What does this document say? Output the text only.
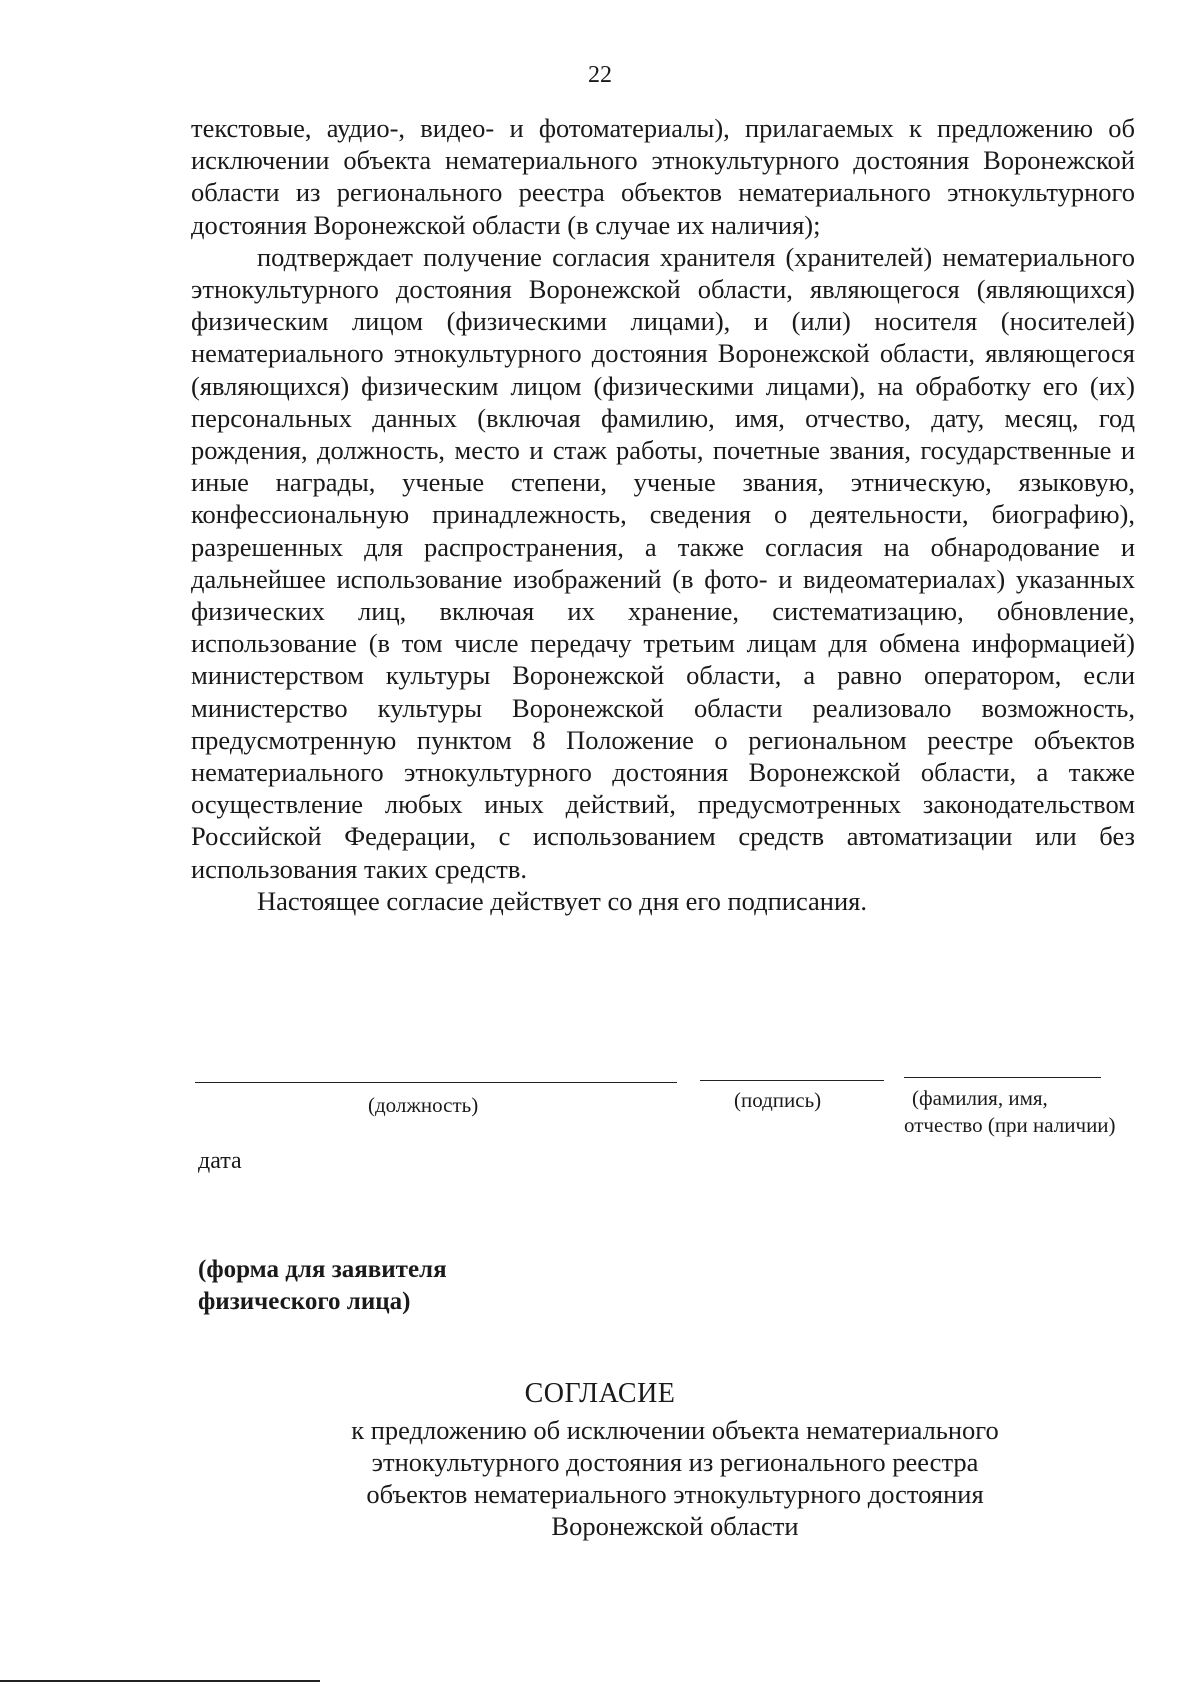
22

текстовые, аудио-, видео- и фотоматериалы), прилагаемых к предложению об исключении объекта нематериального этнокультурного достояния Воронежской области из регионального реестра объектов нематериального этнокультурного достояния Воронежской области (в случае их наличия);

подтверждает получение согласия хранителя (хранителей) нематериального этнокультурного достояния Воронежской области, являющегося (являющихся) физическим лицом (физическими лицами), и (или) носителя (носителей) нематериального этнокультурного достояния Воронежской области, являющегося (являющихся) физическим лицом (физическими лицами), на обработку его (их) персональных данных (включая фамилию, имя, отчество, дату, месяц, год рождения, должность, место и стаж работы, почетные звания, государственные и иные награды, ученые степени, ученые звания, этническую, языковую, конфессиональную принадлежность, сведения о деятельности, биографию), разрешенных для распространения, а также согласия на обнародование и дальнейшее использование изображений (в фото- и видеоматериалах) указанных физических лиц, включая их хранение, систематизацию, обновление, использование (в том числе передачу третьим лицам для обмена информацией) министерством культуры Воронежской области, а равно оператором, если министерство культуры Воронежской области реализовало возможность, предусмотренную пунктом 8 Положение о региональном реестре объектов нематериального этнокультурного достояния Воронежской области, а также осуществление любых иных действий, предусмотренных законодательством Российской Федерации, с использованием средств автоматизации или без использования таких средств.

Настоящее согласие действует со дня его подписания.

(должность)	(подпись)	(фамилия, имя,
отчество (при наличии)
дата
(форма для заявителя
физического лица)
СОГЛАСИЕ
к предложению об исключении объекта нематериального
этнокультурного достояния из регионального реестра
объектов нематериального этнокультурного достояния
Воронежской области
